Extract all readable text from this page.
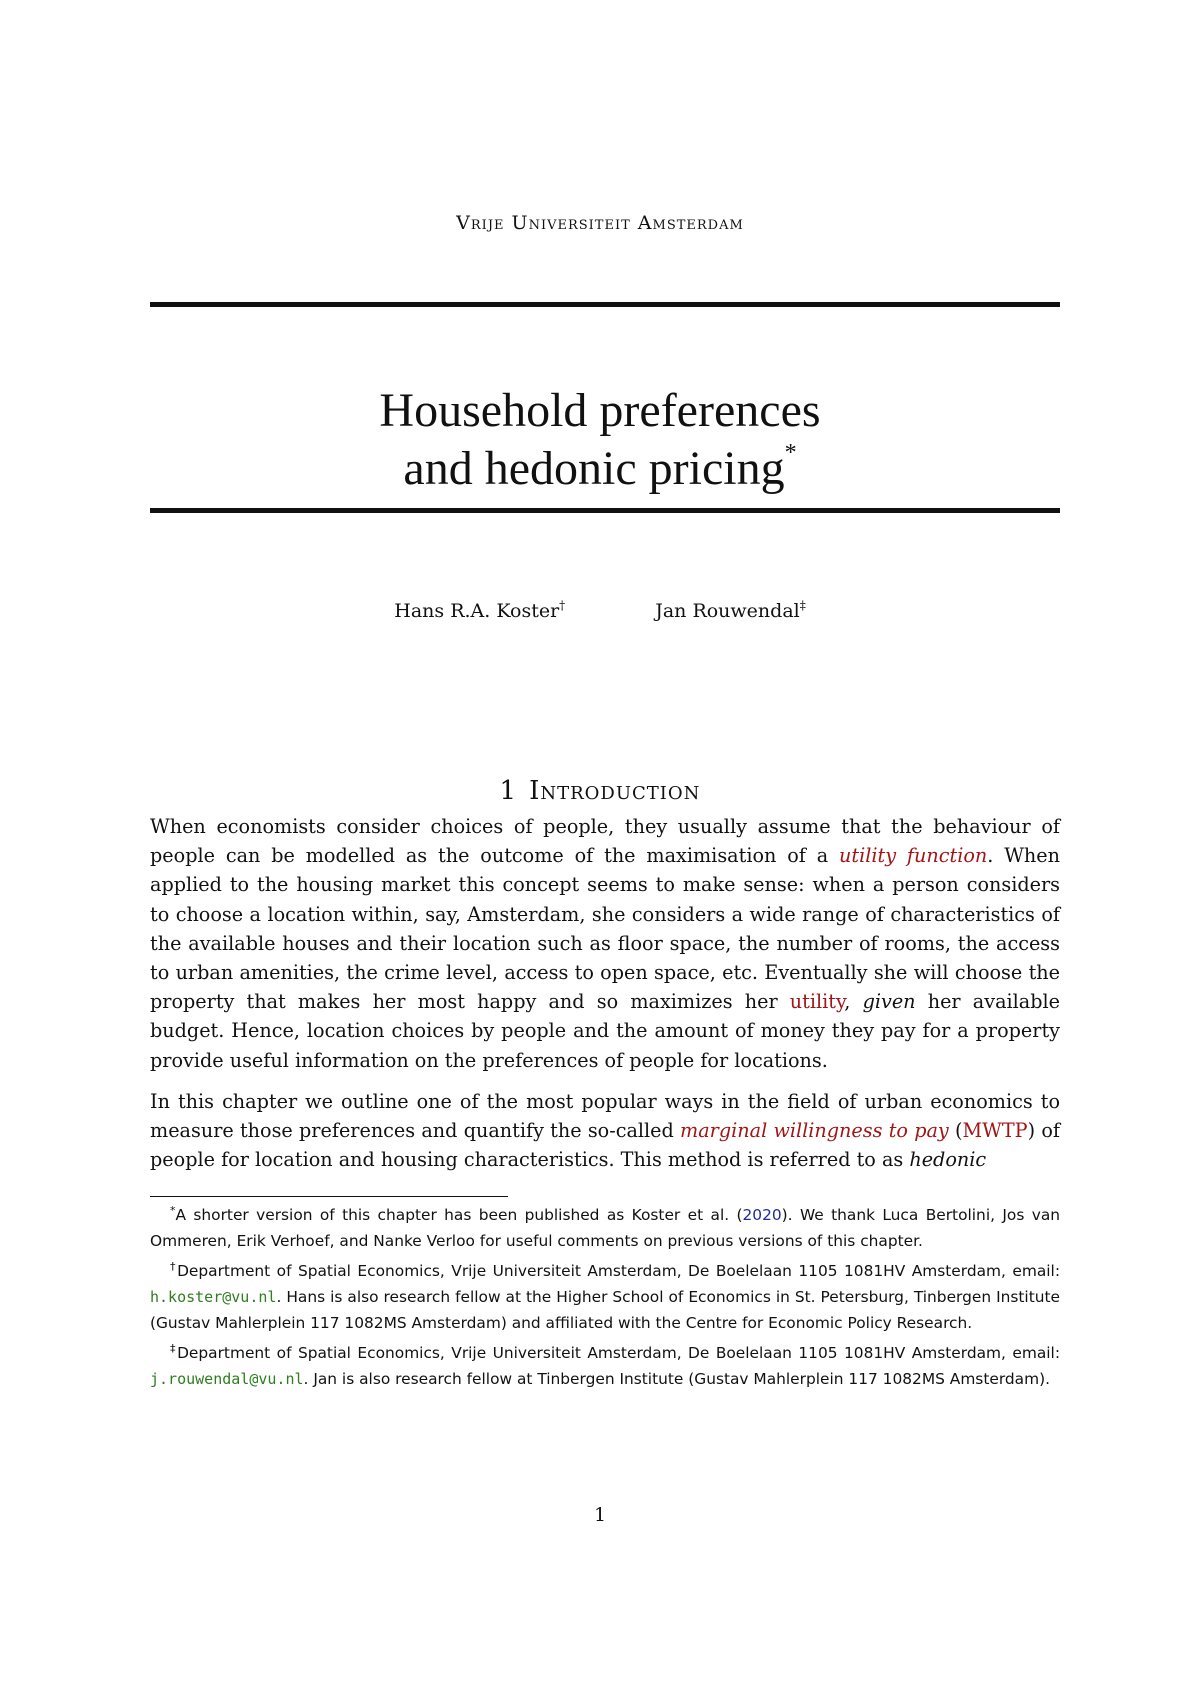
Vrije Universiteit Amsterdam
Household preferences
and hedonic pricing*
Hans R.A. Koster†	Jan Rouwendal‡
1 Introduction

When economists consider choices of people, they usually assume that the behaviour of people can be modelled as the outcome of the maximisation of a utility function. When applied to the housing market this concept seems to make sense: when a person considers to choose a location within, say, Amsterdam, she considers a wide range of characteristics of the available houses and their location such as floor space, the number of rooms, the access to urban amenities, the crime level, access to open space, etc. Eventually she will choose the property that makes her most happy and so maximizes her utility, given her available budget. Hence, location choices by people and the amount of money they pay for a property provide useful information on the preferences of people for locations.

In this chapter we outline one of the most popular ways in the field of urban economics to measure those preferences and quantify the so-called marginal willingness to pay (MWTP) of people for location and housing characteristics. This method is referred to as hedonic

*A shorter version of this chapter has been published as Koster et al. (2020). We thank Luca Bertolini, Jos van Ommeren, Erik Verhoef, and Nanke Verloo for useful comments on previous versions of this chapter.

†Department of Spatial Economics, Vrije Universiteit Amsterdam, De Boelelaan 1105 1081HV Amsterdam, email: h.koster@vu.nl. Hans is also research fellow at the Higher School of Economics in St. Petersburg, Tinbergen Institute (Gustav Mahlerplein 117 1082MS Amsterdam) and affiliated with the Centre for Economic Policy Research.

‡Department of Spatial Economics, Vrije Universiteit Amsterdam, De Boelelaan 1105 1081HV Amsterdam, email: j.rouwendal@vu.nl. Jan is also research fellow at Tinbergen Institute (Gustav Mahlerplein 117 1082MS Amsterdam).

1
